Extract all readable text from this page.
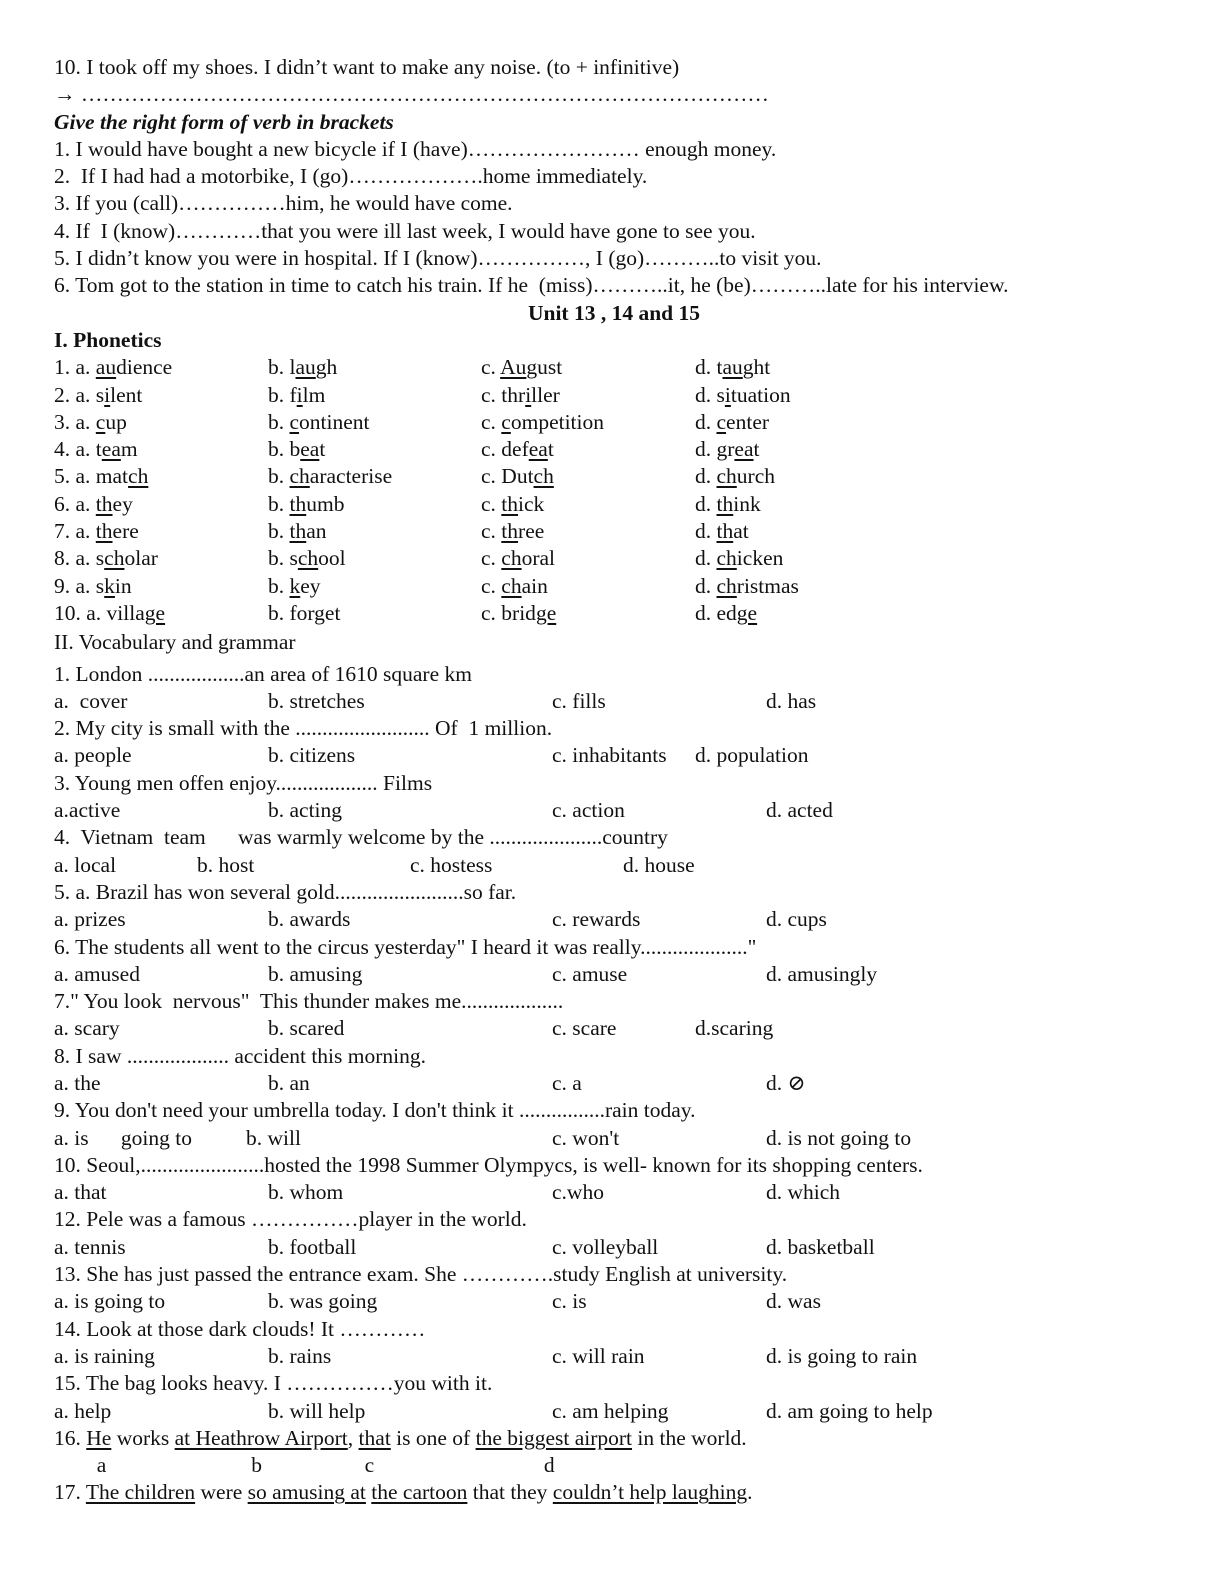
10. I took off my shoes. I didn’t want to make any noise. (to + infinitive)
→ ……………………………………………………………………………………
Give the right form of verb in brackets
1. I would have bought a new bicycle if I (have)…………………… enough money.
2.  If I had had a motorbike, I (go)……………….home immediately.
3. If you (call)……………him, he would have come.
4. If  I (know)…………that you were ill last week, I would have gone to see you.
5. I didn’t know you were in hospital. If I (know)……………, I (go)………..to visit you.
6. Tom got to the station in time to catch his train. If he  (miss)………..it, he (be)………..late for his interview.
Unit 13 , 14 and 15
I. Phonetics
1. a. audience	b. laugh	c. August	d. taught
2. a. silent	b. film	c. thriller	d. situation
3. a. cup	b. continent	c. competition	d. center
4. a. team	b. beat	c. defeat	d. great
5. a. match	b. characterise	c. Dutch	d. church
6. a. they	b. thumb	c. thick	d. think
7. a. there	b. than	c. three	d. that
8. a. scholar	b. school	c. choral	d. chicken
9. a. skin	b. key	c. chain	d. christmas
10. a. village	b. forget	c. bridge	d. edge
II. Vocabulary and grammar
1. London ..................an area of 1610 square km
a.  cover	b. stretches	c. fills	d. has
2. My city is small with the ......................... Of  1 million.
a. people	b. citizens	c. inhabitants d. population
3. Young men offen enjoy................... Films
a.active	b. acting	c. action	d. acted
4.  Vietnam  team      was warmly welcome by the .....................country
a. local	b. host	c. hostess	d. house
5. a. Brazil has won several gold........................so far.
a. prizes	b. awards	c. rewards	d. cups
6. The students all went to the circus yesterday" I heard it was really...................."
a. amused	b. amusing	c. amuse	d. amusingly
7." You look  nervous"  This thunder makes me...................
a. scary	b. scared	c. scare	d.scaring
8. I saw ................... accident this morning.
a. the	b. an	c. a	d. ⊘
9. You don't need your umbrella today. I don't think it ................rain today.
a. is      going to	b. will	c. won't	d. is not going to
10. Seoul,.......................hosted the 1998 Summer Olympycs, is well- known for its shopping centers.
a. that	b. whom	c.who	d. which
12. Pele was a famous ……………player in the world.
a. tennis	b. football	c. volleyball	d. basketball
13. She has just passed the entrance exam. She ………….study English at university.
a. is going to	b. was going	c. is	d. was
14. Look at those dark clouds! It …………
a. is raining	b. rains	c. will rain	d. is going to rain
15. The bag looks heavy. I ……………you with it.
a. help	b. will help	c. am helping	d. am going to help
16. He works at Heathrow Airport, that is one of the biggest airport in the world.
a	b	c	d
17. The children were so amusing at the cartoon that they couldn’t help laughing.
